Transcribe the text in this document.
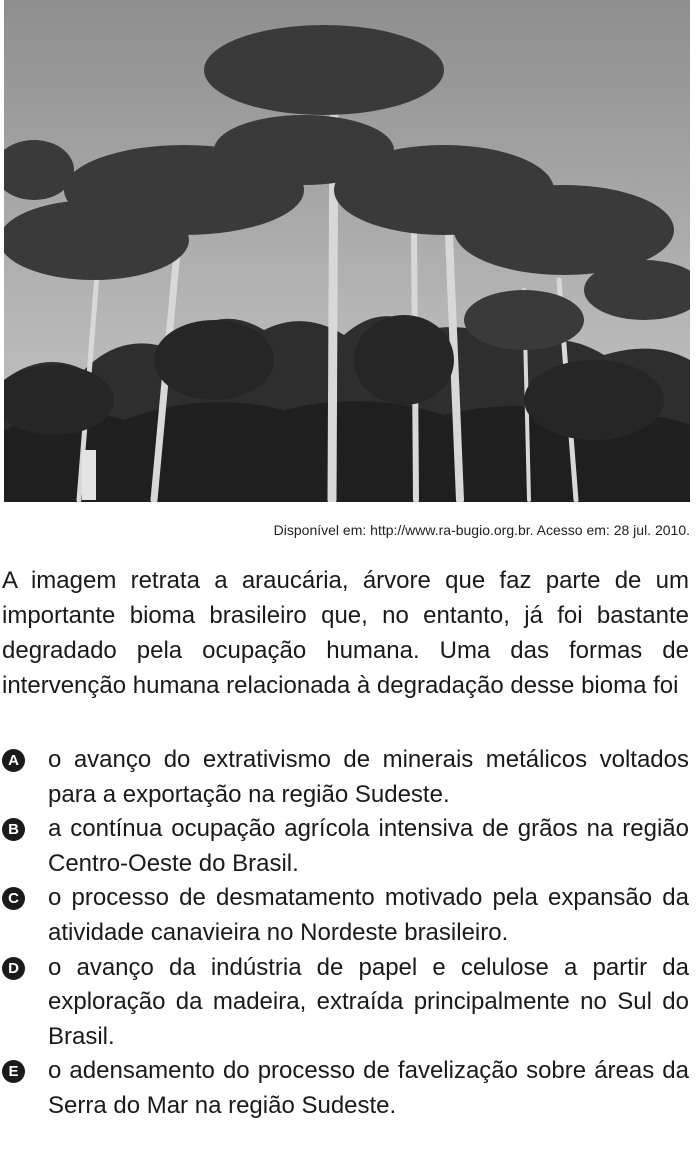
Disponível em: http://www.ra-bugio.org.br. Acesso em: 28 jul. 2010.
A imagem retrata a araucária, árvore que faz parte de um importante bioma brasileiro que, no entanto, já foi bastante degradado pela ocupação humana. Uma das formas de intervenção humana relacionada à degradação desse bioma foi
A o avanço do extrativismo de minerais metálicos voltados para a exportação na região Sudeste.
B a contínua ocupação agrícola intensiva de grãos na região Centro-Oeste do Brasil.
C o processo de desmatamento motivado pela expansão da atividade canavieira no Nordeste brasileiro.
D o avanço da indústria de papel e celulose a partir da exploração da madeira, extraída principalmente no Sul do Brasil.
E o adensamento do processo de favelização sobre áreas da Serra do Mar na região Sudeste.
